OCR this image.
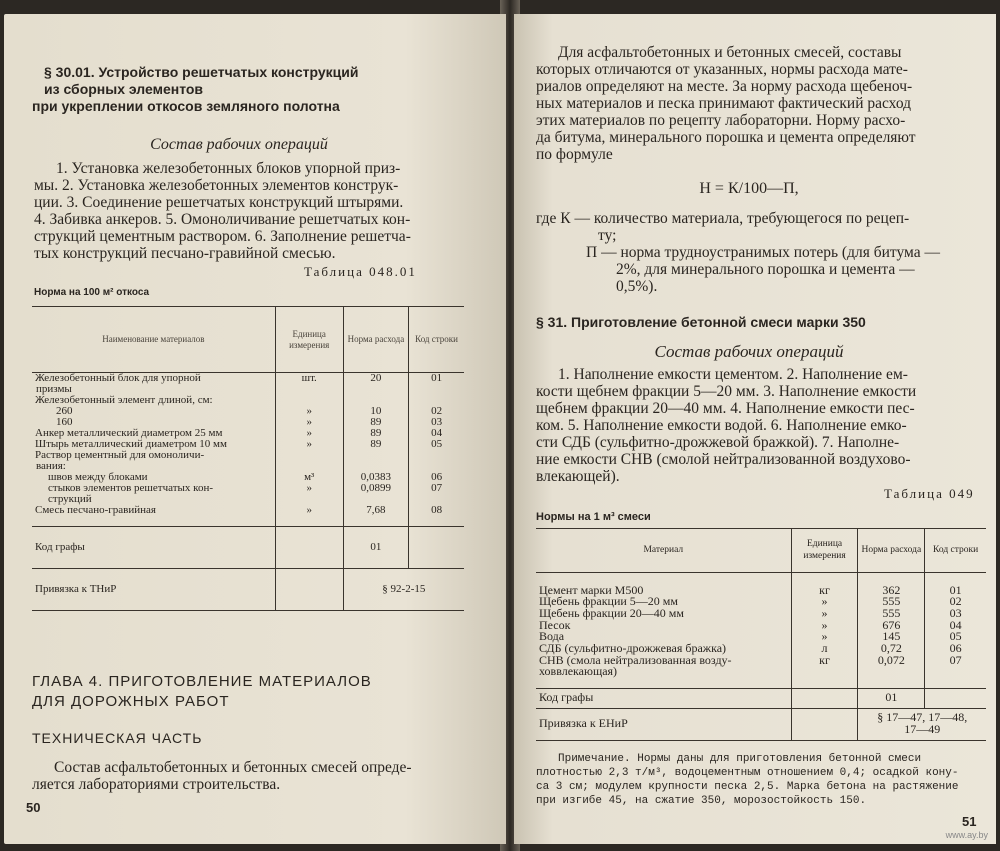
§ 30.01. Устройство решетчатых конструкций
из сборных элементов
при укреплении откосов земляного полотна
Состав рабочих операций
1. Установка железобетонных блоков упорной приз-
мы. 2. Установка железобетонных элементов конструк-
ции. 3. Соединение решетчатых конструкций штырями.
4. Забивка анкеров. 5. Омоноличивание решетчатых кон-
струкций цементным раствором. 6. Заполнение решетча-
тых конструкций песчано-гравийной смесью.
Таблица 048.01
Норма на 100 м² откоса
Наименование материалов	Единица измерения	Норма расхода	Код строки
Железобетонный блок для упорной	шт.	20	01
призмы			
Железобетонный элемент длиной, см:			
260	»	10	02
160	»	89	03
Анкер металлический диаметром 25 мм	»	89	04
Штырь металлический диаметром 10 мм	»	89	05
Раствор цементный для омоноличи-			
вания:			
швов между блоками	м³	0,0383	06
стыков элементов решетчатых кон-	»	0,0899	07
струкций			
Смесь песчано-гравийная	»	7,68	08

Код графы		01	
Привязка к ТНиР		§ 92-2-15	
ГЛАВА 4. ПРИГОТОВЛЕНИЕ МАТЕРИАЛОВ
ДЛЯ ДОРОЖНЫХ РАБОТ
ТЕХНИЧЕСКАЯ ЧАСТЬ
Состав асфальтобетонных и бетонных смесей опреде-
ляется лабораториями строительства.
50
Для асфальтобетонных и бетонных смесей, составы
которых отличаются от указанных, нормы расхода мате-
риалов определяют на месте. За норму расхода щебеноч-
ных материалов и песка принимают фактический расход
этих материалов по рецепту лабораторни. Норму расхо-
да битума, минерального порошка и цемента определяют
по формуле
Н = К/100—П,
где К — количество материала, требующегося по рецеп-
ту;
П — норма трудноустранимых потерь (для битума —
2%, для минерального порошка и цемента —
0,5%).
§ 31. Приготовление бетонной смеси марки 350
Состав рабочих операций
1. Наполнение емкости цементом. 2. Наполнение ем-
кости щебнем фракции 5—20 мм. 3. Наполнение емкости
щебнем фракции 20—40 мм. 4. Наполнение емкости пес-
ком. 5. Наполнение емкости водой. 6. Наполнение емко-
сти СДБ (сульфитно-дрожжевой бражкой). 7. Наполне-
ние емкости СНВ (смолой нейтрализованной воздухово-
влекающей).
Таблица 049
Нормы на 1 м³ смеси
Материал	Единица измерения	Норма расхода	Код строки

Цемент марки М500	кг	362	01
Щебень фракции 5—20 мм	»	555	02
Щебень фракции 20—40 мм	»	555	03
Песок	»	676	04
Вода	»	145	05
СДБ (сульфитно-дрожжевая бражка)	л	0,72	06
СНВ (смола нейтрализованная возду-	кг	0,072	07
ховвлекающая)			

Код графы		01	
Привязка к ЕНиР		§ 17—47, 17—48,
17—49	
Примечание. Нормы даны для приготовления бетонной смеси
плотностью 2,3 т/м³, водоцементным отношением 0,4; осадкой кону-
са 3 см; модулем крупности песка 2,5. Марка бетона на растяжение
при изгибе 45, на сжатие 350, морозостойкость 150.
51
www.ay.by
